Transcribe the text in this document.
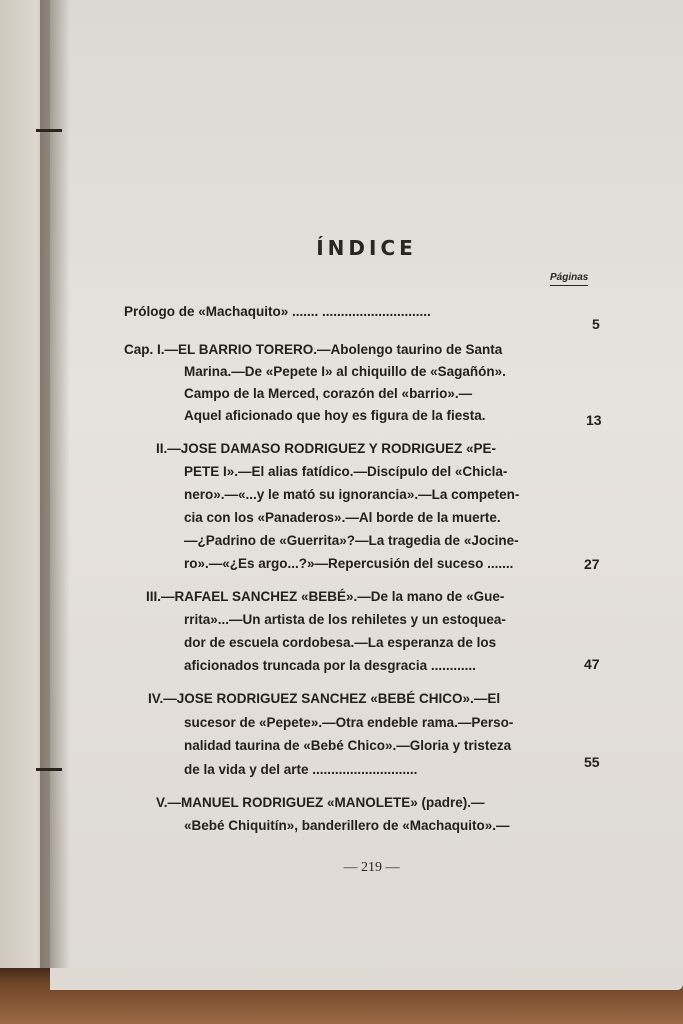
ÍNDICE
Páginas
Prólogo de «Machaquito» ....... .............................
5
Cap. I.—EL BARRIO TORERO.—Abolengo taurino de Santa
Marina.—De «Pepete I» al chiquillo de «Sagañón».
Campo de la Merced, corazón del «barrio».—
Aquel aficionado que hoy es figura de la fiesta.	13
II.—JOSE DAMASO RODRIGUEZ Y RODRIGUEZ «PE-
PETE I».—El alias fatídico.—Discípulo del «Chicla-
nero».—«...y le mató su ignorancia».—La competen-
cia con los «Panaderos».—Al borde de la muerte.
—¿Padrino de «Guerrita»?—La tragedia de «Jocine-
ro».—«¿Es argo...?»—Repercusión del suceso .......	27
III.—RAFAEL SANCHEZ «BEBÉ».—De la mano de «Gue-
rrita»...—Un artista de los rehiletes y un estoquea-
dor de escuela cordobesa.—La esperanza de los
aficionados truncada por la desgracia ............	47
IV.—JOSE RODRIGUEZ SANCHEZ «BEBÉ CHICO».—El
sucesor de «Pepete».—Otra endeble rama.—Perso-
nalidad taurina de «Bebé Chico».—Gloria y tristeza
de la vida y del arte ............................	55
V.—MANUEL RODRIGUEZ «MANOLETE» (padre).—
«Bebé Chiquitín», banderillero de «Machaquito».—
— 219 —
